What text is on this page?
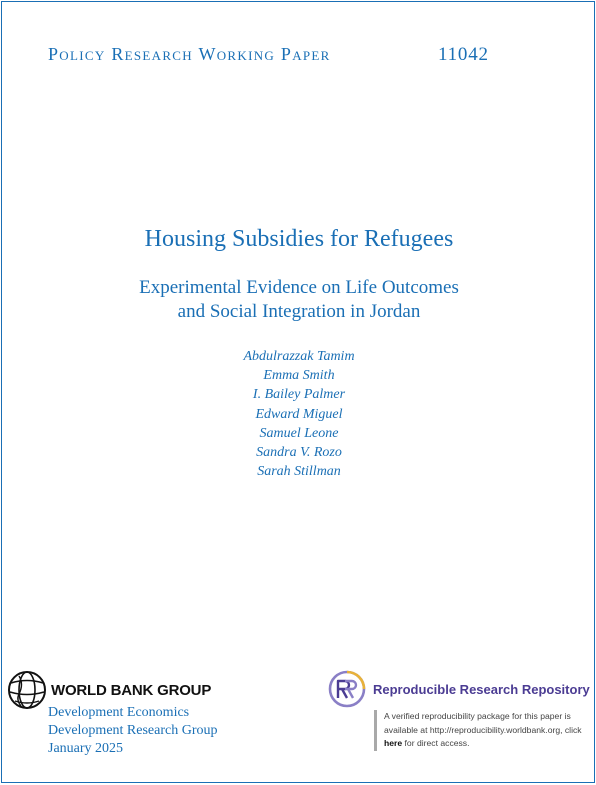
Policy Research Working Paper	11042
Housing Subsidies for Refugees
Experimental Evidence on Life Outcomes
and Social Integration in Jordan
Abdulrazzak Tamim
Emma Smith
I. Bailey Palmer
Edward Miguel
Samuel Leone
Sandra V. Rozo
Sarah Stillman
WORLD BANK GROUP
Development Economics
Development Research Group
January 2025
Reproducible Research Repository
A verified reproducibility package for this paper is available at http://reproducibility.worldbank.org, click here for direct access.
